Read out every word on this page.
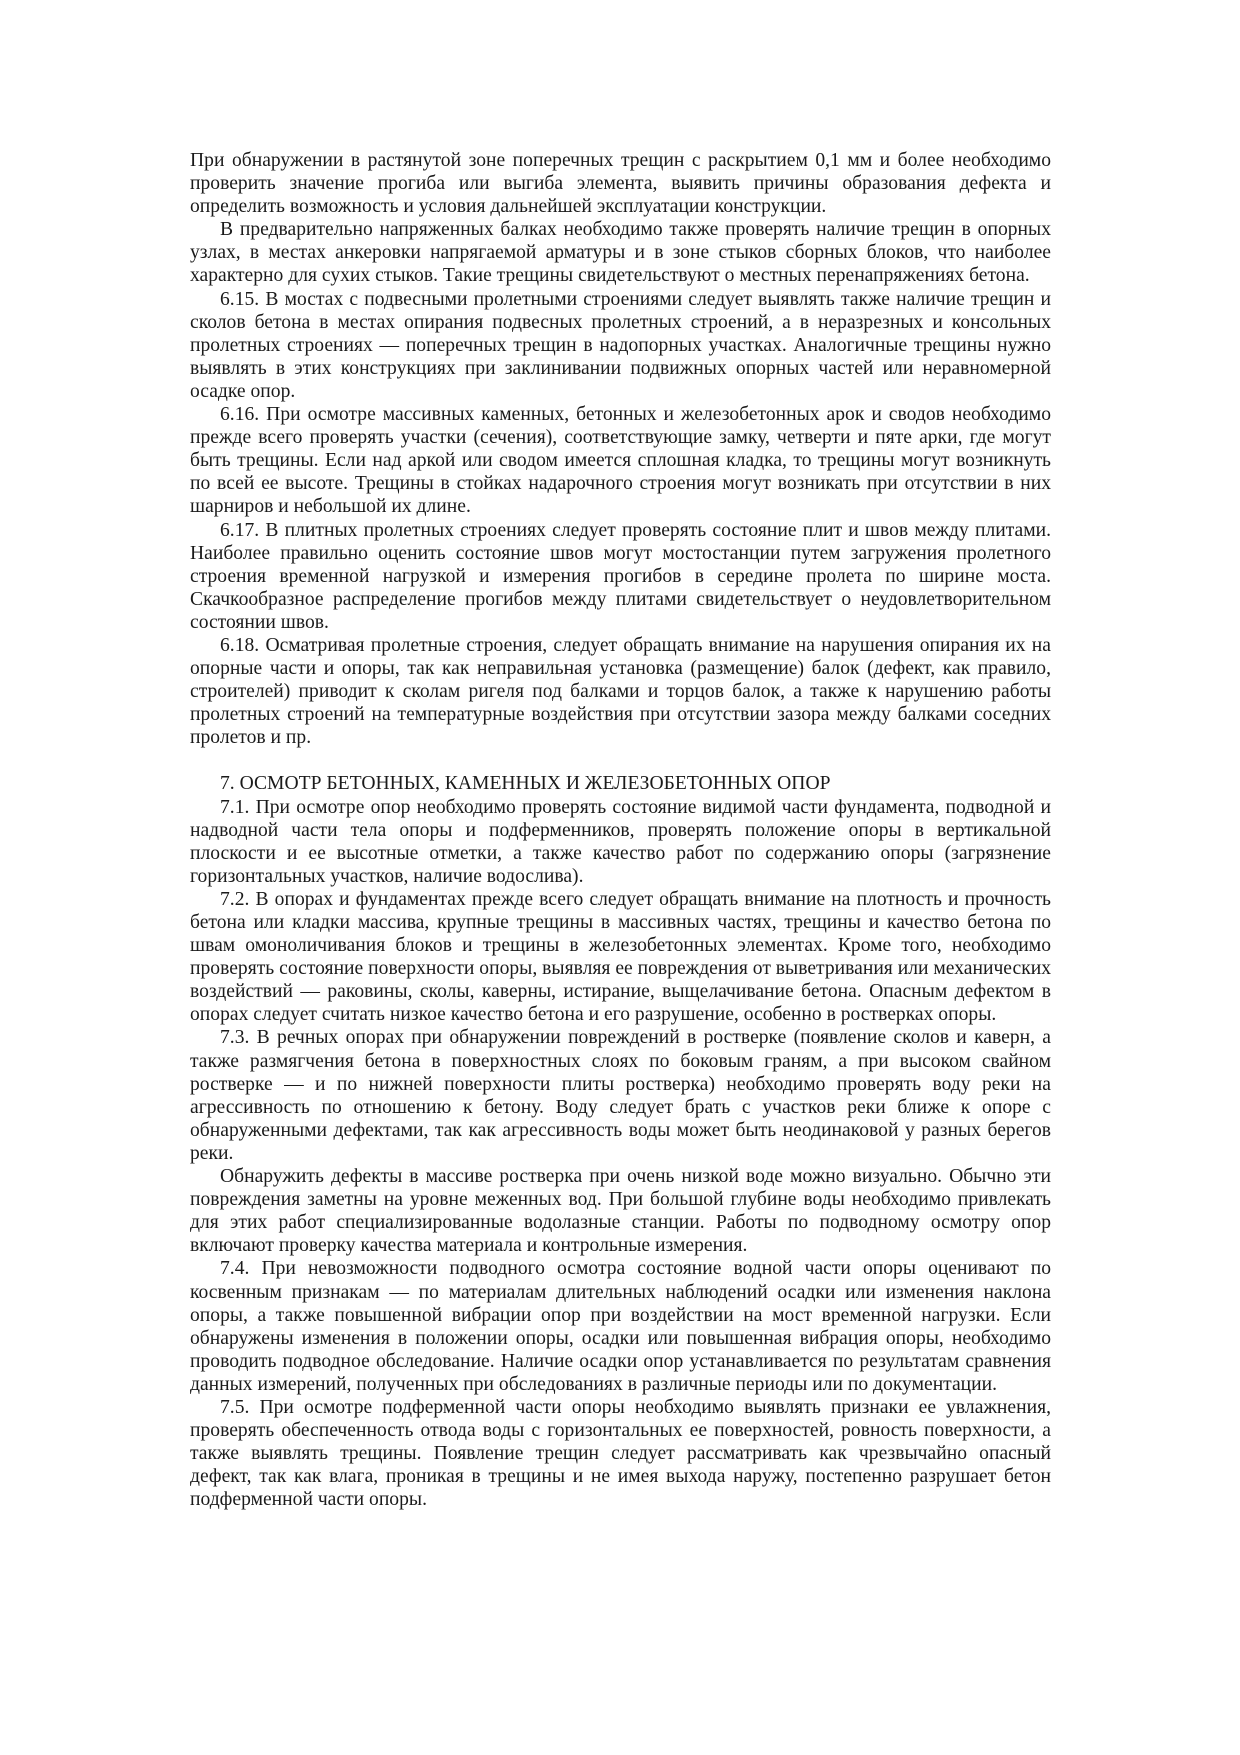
При обнаружении в растянутой зоне поперечных трещин с раскрытием 0,1 мм и более необходимо проверить значение прогиба или выгиба элемента, выявить причины образования дефекта и определить возможность и условия дальнейшей эксплуатации конструкции.

В предварительно напряженных балках необходимо также проверять наличие трещин в опорных узлах, в местах анкеровки напрягаемой арматуры и в зоне стыков сборных блоков, что наиболее характерно для сухих стыков. Такие трещины свидетельствуют о местных перенапряжениях бетона.

6.15. В мостах с подвесными пролетными строениями следует выявлять также наличие трещин и сколов бетона в местах опирания подвесных пролетных строений, а в неразрезных и консольных пролетных строениях — поперечных трещин в надопорных участках. Аналогичные трещины нужно выявлять в этих конструкциях при заклинивании подвижных опорных частей или неравномерной осадке опор.

6.16. При осмотре массивных каменных, бетонных и железобетонных арок и сводов необходимо прежде всего проверять участки (сечения), соответствующие замку, четверти и пяте арки, где могут быть трещины. Если над аркой или сводом имеется сплошная кладка, то трещины могут возникнуть по всей ее высоте. Трещины в стойках надарочного строения могут возникать при отсутствии в них шарниров и небольшой их длине.

6.17. В плитных пролетных строениях следует проверять состояние плит и швов между плитами. Наиболее правильно оценить состояние швов могут мостостанции путем загружения пролетного строения временной нагрузкой и измерения прогибов в середине пролета по ширине моста. Скачкообразное распределение прогибов между плитами свидетельствует о неудовлетворительном состоянии швов.

6.18. Осматривая пролетные строения, следует обращать внимание на нарушения опирания их на опорные части и опоры, так как неправильная установка (размещение) балок (дефект, как правило, строителей) приводит к сколам ригеля под балками и торцов балок, а также к нарушению работы пролетных строений на температурные воздействия при отсутствии зазора между балками соседних пролетов и пр.

7. ОСМОТР БЕТОННЫХ, КАМЕННЫХ И ЖЕЛЕЗОБЕТОННЫХ ОПОР

7.1. При осмотре опор необходимо проверять состояние видимой части фундамента, подводной и надводной части тела опоры и подферменников, проверять положение опоры в вертикальной плоскости и ее высотные отметки, а также качество работ по содержанию опоры (загрязнение горизонтальных участков, наличие водослива).

7.2. В опорах и фундаментах прежде всего следует обращать внимание на плотность и прочность бетона или кладки массива, крупные трещины в массивных частях, трещины и качество бетона по швам омоноличивания блоков и трещины в железобетонных элементах. Кроме того, необходимо проверять состояние поверхности опоры, выявляя ее повреждения от выветривания или механических воздействий — раковины, сколы, каверны, истирание, выщелачивание бетона. Опасным дефектом в опорах следует считать низкое качество бетона и его разрушение, особенно в ростверках опоры.

7.3. В речных опорах при обнаружении повреждений в ростверке (появление сколов и каверн, а также размягчения бетона в поверхностных слоях по боковым граням, а при высоком свайном ростверке — и по нижней поверхности плиты ростверка) необходимо проверять воду реки на агрессивность по отношению к бетону. Воду следует брать с участков реки ближе к опоре с обнаруженными дефектами, так как агрессивность воды может быть неодинаковой у разных берегов реки.

Обнаружить дефекты в массиве ростверка при очень низкой воде можно визуально. Обычно эти повреждения заметны на уровне меженных вод. При большой глубине воды необходимо привлекать для этих работ специализированные водолазные станции. Работы по подводному осмотру опор включают проверку качества материала и контрольные измерения.

7.4. При невозможности подводного осмотра состояние водной части опоры оценивают по косвенным признакам — по материалам длительных наблюдений осадки или изменения наклона опоры, а также повышенной вибрации опор при воздействии на мост временной нагрузки. Если обнаружены изменения в положении опоры, осадки или повышенная вибрация опоры, необходимо проводить подводное обследование. Наличие осадки опор устанавливается по результатам сравнения данных измерений, полученных при обследованиях в различные периоды или по документации.

7.5. При осмотре подферменной части опоры необходимо выявлять признаки ее увлажнения, проверять обеспеченность отвода воды с горизонтальных ее поверхностей, ровность поверхности, а также выявлять трещины. Появление трещин следует рассматривать как чрезвычайно опасный дефект, так как влага, проникая в трещины и не имея выхода наружу, постепенно разрушает бетон подферменной части опоры.
